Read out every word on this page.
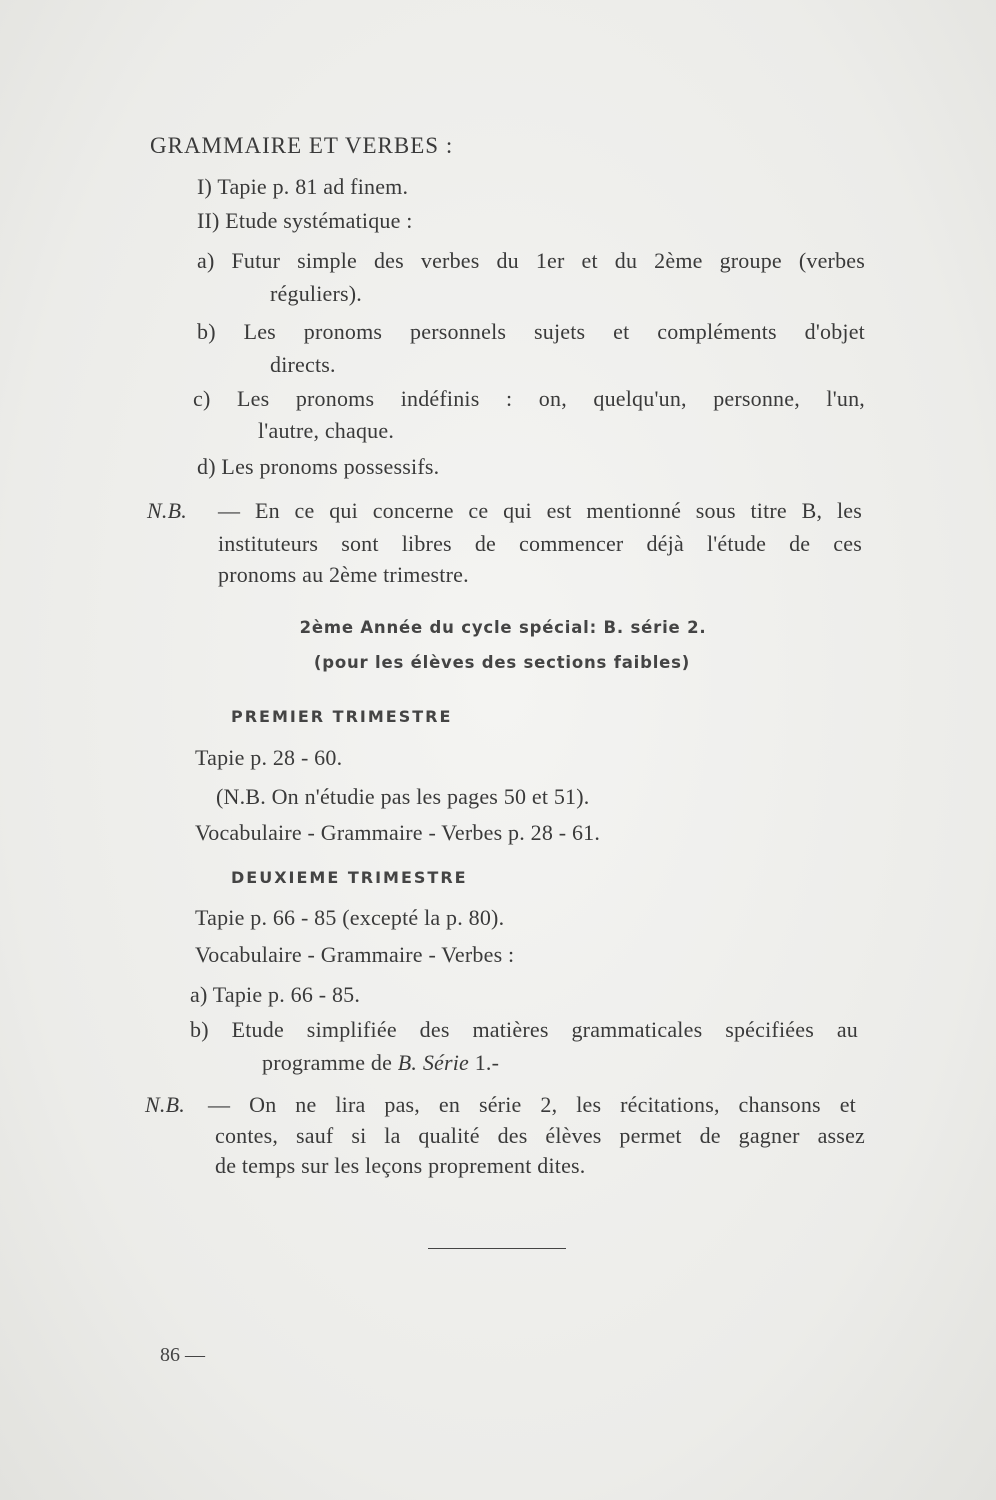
GRAMMAIRE ET VERBES :
I) Tapie p. 81 ad finem.
II) Etude systématique :
a) Futur simple des verbes du 1er et du 2ème groupe (verbes
réguliers).
b) Les pronoms personnels sujets et compléments d'objet
directs.
c) Les pronoms indéfinis : on, quelqu'un, personne, l'un,
l'autre, chaque.
d) Les pronoms possessifs.
N.B. — En ce qui concerne ce qui est mentionné sous titre B, les
instituteurs sont libres de commencer déjà l'étude de ces
pronoms au 2ème trimestre.
2ème Année du cycle spécial: B. série 2.
(pour les élèves des sections faibles)
PREMIER TRIMESTRE
Tapie p. 28 - 60.
(N.B. On n'étudie pas les pages 50 et 51).
Vocabulaire - Grammaire - Verbes p. 28 - 61.
DEUXIEME TRIMESTRE
Tapie p. 66 - 85 (excepté la p. 80).
Vocabulaire - Grammaire - Verbes :
a) Tapie p. 66 - 85.
b) Etude simplifiée des matières grammaticales spécifiées au
programme de B. Série 1.-
N.B. — On ne lira pas, en série 2, les récitations, chansons et
contes, sauf si la qualité des élèves permet de gagner assez
de temps sur les leçons proprement dites.
86 —
